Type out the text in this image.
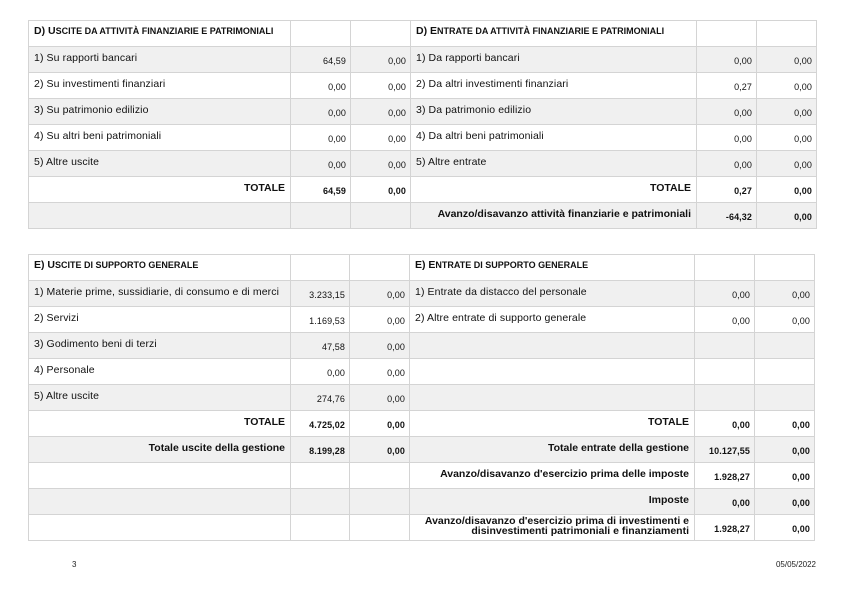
D) USCITE DA ATTIVITÀ FINANZIARIE E PATRIMONIALI			D) ENTRATE DA ATTIVITÀ FINANZIARIE E PATRIMONIALI		
1) Su rapporti bancari	64,59	0,00	1) Da rapporti bancari	0,00	0,00
2) Su investimenti finanziari	0,00	0,00	2) Da altri investimenti finanziari	0,27	0,00
3) Su patrimonio edilizio	0,00	0,00	3) Da patrimonio edilizio	0,00	0,00
4) Su altri beni patrimoniali	0,00	0,00	4) Da altri beni patrimoniali	0,00	0,00
5) Altre uscite	0,00	0,00	5) Altre entrate	0,00	0,00
TOTALE	64,59	0,00	TOTALE	0,27	0,00
			Avanzo/disavanzo attività finanziarie e patrimoniali	-64,32	0,00
E) USCITE DI SUPPORTO GENERALE			E) ENTRATE DI SUPPORTO GENERALE		
1) Materie prime, sussidiarie, di consumo e di merci	3.233,15	0,00	1) Entrate da distacco del personale	0,00	0,00
2) Servizi	1.169,53	0,00	2) Altre entrate di supporto generale	0,00	0,00
3) Godimento beni di terzi	47,58	0,00			
4) Personale	0,00	0,00			
5) Altre uscite	274,76	0,00			
TOTALE	4.725,02	0,00	TOTALE	0,00	0,00
Totale uscite della gestione	8.199,28	0,00	Totale entrate della gestione	10.127,55	0,00
			Avanzo/disavanzo d'esercizio prima delle imposte	1.928,27	0,00
			Imposte	0,00	0,00
			Avanzo/disavanzo d'esercizio prima di investimenti e disinvestimenti patrimoniali e finanziamenti	1.928,27	0,00
3	05/05/2022
